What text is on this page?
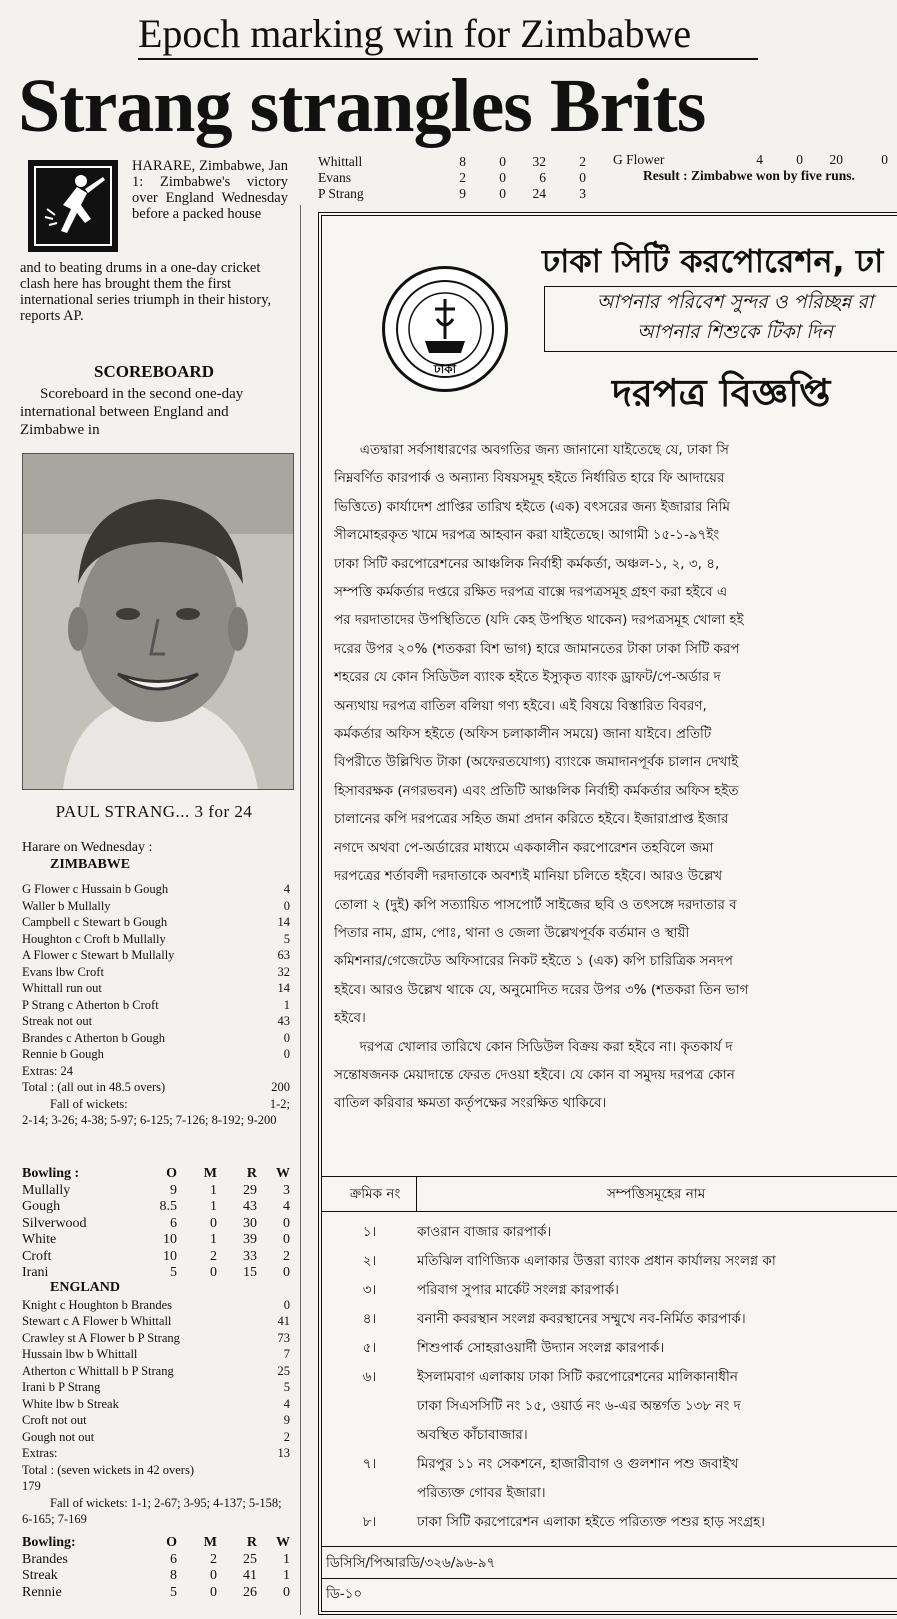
Epoch marking win for Zimbabwe
Strang strangles Brits
HARARE, Zimbabwe, Jan 1: Zimbabwe's victory over England Wednesday before a packed house
and to beating drums in a one-day cricket clash here has brought them the first international series triumph in their history, reports AP.
SCOREBOARD
Scoreboard in the second one-day international between England and Zimbabwe in
PAUL STRANG... 3 for 24
Harare on Wednesday :
ZIMBABWE
G Flower c Hussain b Gough	4
Waller b Mullally	0
Campbell c Stewart b Gough	14
Houghton c Croft b Mullally	5
A Flower c Stewart b Mullally	63
Evans lbw Croft	32
Whittall run out	14
P Strang c Atherton b Croft	1
Streak not out	43
Brandes c Atherton b Gough	0
Rennie b Gough	0
Extras: 24
Total : (all out in 48.5 overs)	200
Fall of wickets:	1-2;
2-14; 3-26; 4-38; 5-97; 6-125; 7-126; 8-192; 9-200
Bowling :	O	M	R	W
Mullally	9	1	29	3
Gough	8.5	1	43	4
Silverwood	6	0	30	0
White	10	1	39	0
Croft	10	2	33	2
Irani	5	0	15	0
ENGLAND
Knight c Houghton b Brandes	0
Stewart c A Flower b Whittall	41
Crawley st A Flower b P Strang	73
Hussain lbw b Whittall	7
Atherton c Whittall b P Strang	25
Irani b P Strang	5
White lbw b Streak	4
Croft not out	9
Gough not out	2
Extras:	13
Total : (seven wickets in 42 overs)
179
Fall of wickets: 1-1; 2-67; 3-95; 4-137; 5-158; 6-165; 7-169
Bowling:	O	M	R	W
Brandes	6	2	25	1
Streak	8	0	41	1
Rennie	5	0	26	0
Whittall	8	0	32	2
Evans	2	0	6	0
P Strang	9	0	24	3
G Flower	4	0	20	0
Result : Zimbabwe won by five runs.
ঢাকা সিটি করপোরেশন, ঢা
ঢাকা
আপনার পরিবেশ সুন্দর ও পরিচ্ছন্ন রা
আপনার শিশুকে টিকা দিন
দরপত্র বিজ্ঞপ্তি
এতদ্বারা সর্বসাধারণের অবগতির জন্য জানানো যাইতেছে যে, ঢাকা সি
নিম্নবর্ণিত কারপার্ক ও অন্যান্য বিষয়সমূহ হইতে নির্ধারিত হারে ফি আদায়ের
ভিত্তিতে) কার্যাদেশ প্রাপ্তির তারিখ হইতে (এক) বৎসরের জন্য ইজারার নিমি
সীলমোহরকৃত খামে দরপত্র আহবান করা যাইতেছে। আগামী ১৫-১-৯৭ইং
ঢাকা সিটি করপোরেশনের আঞ্চলিক নির্বাহী কর্মকর্তা, অঞ্চল-১, ২, ৩, ৪,
সম্পত্তি কর্মকর্তার দপ্তরে রক্ষিত দরপত্র বাক্সে দরপত্রসমূহ গ্রহণ করা হইবে এ
পর দরদাতাদের উপস্থিতিতে (যদি কেহ উপস্থিত থাকেন) দরপত্রসমূহ খোলা হই
দরের উপর ২০% (শতকরা বিশ ভাগ) হারে জামানতের টাকা ঢাকা সিটি করপ
শহরের যে কোন সিডিউল ব্যাংক হইতে ইস্যুকৃত ব্যাংক ড্রাফট/পে-অর্ডার দ
অন্যথায় দরপত্র বাতিল বলিয়া গণ্য হইবে। এই বিষয়ে বিস্তারিত বিবরণ,
কর্মকর্তার অফিস হইতে (অফিস চলাকালীন সময়ে) জানা যাইবে। প্রতিটি
বিপরীতে উল্লিখিত টাকা (অফেরতযোগ্য) ব্যাংকে জমাদানপূর্বক চালান দেখাই
হিসাবরক্ষক (নগরভবন) এবং প্রতিটি আঞ্চলিক নির্বাহী কর্মকর্তার অফিস হইত
চালানের কপি দরপত্রের সহিত জমা প্রদান করিতে হইবে। ইজারাপ্রাপ্ত ইজার
নগদে অথবা পে-অর্ডারের মাধ্যমে এককালীন করপোরেশন তহবিলে জমা
দরপত্রের শর্তাবলী দরদাতাকে অবশ্যই মানিয়া চলিতে হইবে। আরও উল্লেখ
তোলা ২ (দুই) কপি সত্যায়িত পাসপোর্ট সাইজের ছবি ও তৎসঙ্গে দরদাতার ব
পিতার নাম, গ্রাম, পোঃ, থানা ও জেলা উল্লেখপূর্বক বর্তমান ও স্থায়ী
কমিশনার/গেজেটেড অফিসারের নিকট হইতে ১ (এক) কপি চারিত্রিক সনদপ
হইবে। আরও উল্লেখ থাকে যে, অনুমোদিত দরের উপর ৩% (শতকরা তিন ভাগ
হইবে।
দরপত্র খোলার তারিখে কোন সিডিউল বিক্রয় করা হইবে না। কৃতকার্য দ
সন্তোষজনক মেয়াদান্তে ফেরত দেওয়া হইবে। যে কোন বা সমুদয় দরপত্র কোন
বাতিল করিবার ক্ষমতা কর্তৃপক্ষের সংরক্ষিত থাকিবে।
ক্রমিক নং	সম্পত্তিসমূহের নাম
১।	কাওরান বাজার কারপার্ক।
২।	মতিঝিল বাণিজ্যিক এলাকার উত্তরা ব্যাংক প্রধান কার্যালয় সংলগ্ন কা
৩।	পরিবাগ সুপার মার্কেট সংলগ্ন কারপার্ক।
৪।	বনানী কবরস্থান সংলগ্ন কবরস্থানের সম্মুখে নব-নির্মিত কারপার্ক।
৫।	শিশুপার্ক সোহরাওয়ার্দী উদ্যান সংলগ্ন কারপার্ক।
৬।	ইসলামবাগ এলাকায় ঢাকা সিটি করপোরেশনের মালিকানাধীন
ঢাকা সিএসসিটি নং ১৫, ওয়ার্ড নং ৬-এর অন্তর্গত ১৩৮ নং দ
অবস্থিত কাঁচাবাজার।
৭।	মিরপুর ১১ নং সেকশনে, হাজারীবাগ ও গুলশান পশু জবাইখ
পরিত্যক্ত গোবর ইজারা।
৮।	ঢাকা সিটি করপোরেশন এলাকা হইতে পরিত্যক্ত পশুর হাড় সংগ্রহ।
ডিসিসি/পিআরডি/৩২৬/৯৬-৯৭
ডি-১০
